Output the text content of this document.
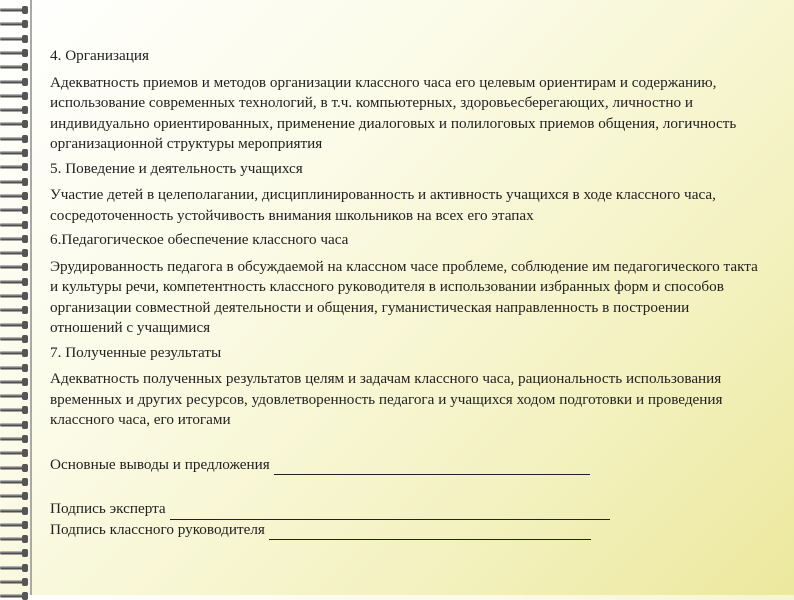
4. Организация

Адекватность приемов и методов организации классного часа его целевым ориентирам и содержанию, использование современных технологий, в т.ч. компьютерных, здоровьесберегающих, личностно и индивидуально ориентированных, применение диалоговых и полилоговых приемов общения, логичность организационной структуры мероприятия

5. Поведение и деятельность учащихся

Участие детей в целеполагании, дисциплинированность и активность учащихся в ходе классного часа, сосредоточенность устойчивость внимания школьников на всех его этапах

6.Педагогическое обеспечение классного часа

Эрудированность педагога в обсуждаемой на классном часе проблеме, соблюдение им педагогического такта и культуры речи, компетентность классного руководителя в использовании избранных форм и способов организации совместной деятельности и общения, гуманистическая направленность в построении отношений с учащимися

7. Полученные результаты

Адекватность полученных результатов целям и задачам классного часа, рациональность использования временных и других ресурсов, удовлетворенность педагога и учащихся ходом подготовки и проведения классного часа, его итогами

Основные выводы и предложения

Подпись эксперта

Подпись классного руководителя
